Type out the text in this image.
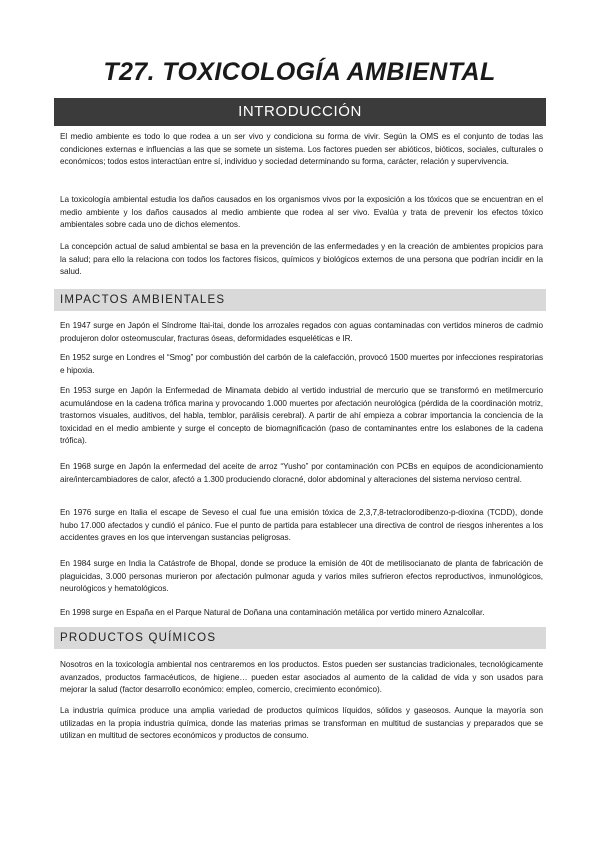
T27. TOXICOLOGÍA AMBIENTAL
INTRODUCCIÓN

El medio ambiente es todo lo que rodea a un ser vivo y condiciona su forma de vivir. Según la OMS es el conjunto de todas las condiciones externas e influencias a las que se somete un sistema. Los factores pueden ser abióticos, bióticos, sociales, culturales o económicos; todos estos interactúan entre sí, individuo y sociedad determinando su forma, carácter, relación y supervivencia.

La toxicología ambiental estudia los daños causados en los organismos vivos por la exposición a los tóxicos que se encuentran en el medio ambiente y los daños causados al medio ambiente que rodea al ser vivo. Evalúa y trata de prevenir los efectos tóxico ambientales sobre cada uno de dichos elementos.

La concepción actual de salud ambiental se basa en la prevención de las enfermedades y en la creación de ambientes propicios para la salud; para ello la relaciona con todos los factores físicos, químicos y biológicos externos de una persona que podrían incidir en la salud.

IMPACTOS AMBIENTALES

En 1947 surge en Japón el Síndrome Itai-itai, donde los arrozales regados con aguas contaminadas con vertidos mineros de cadmio produjeron dolor osteomuscular, fracturas óseas, deformidades esqueléticas e IR.

En 1952 surge en Londres el “Smog” por combustión del carbón de la calefacción, provocó 1500 muertes por infecciones respiratorias e hipoxia.

En 1953 surge en Japón la Enfermedad de Minamata debido al vertido industrial de mercurio que se transformó en metilmercurio acumulándose en la cadena trófica marina y provocando 1.000 muertes por afectación neurológica (pérdida de la coordinación motriz, trastornos visuales, auditivos, del habla, temblor, parálisis cerebral). A partir de ahí empieza a cobrar importancia la conciencia de la toxicidad en el medio ambiente y surge el concepto de biomagnificación (paso de contaminantes entre los eslabones de la cadena trófica).

En 1968 surge en Japón la enfermedad del aceite de arroz “Yusho” por contaminación con PCBs en equipos de acondicionamiento aire/intercambiadores de calor, afectó a 1.300 produciendo cloracné, dolor abdominal y alteraciones del sistema nervioso central.

En 1976 surge en Italia el escape de Seveso el cual fue una emisión tóxica de 2,3,7,8-tetraclorodibenzo-p-dioxina (TCDD), donde hubo 17.000 afectados y cundió el pánico. Fue el punto de partida para establecer una directiva de control de riesgos inherentes a los accidentes graves en los que intervengan sustancias peligrosas.

En 1984 surge en India la Catástrofe de Bhopal, donde se produce la emisión de 40t de metilisocianato de planta de fabricación de plaguicidas, 3.000 personas murieron por afectación pulmonar aguda y varios miles sufrieron efectos reproductivos, inmunológicos, neurológicos y hematológicos.

En 1998 surge en España en el Parque Natural de Doñana una contaminación metálica por vertido minero Aznalcollar.

PRODUCTOS QUÍMICOS

Nosotros en la toxicología ambiental nos centraremos en los productos. Estos pueden ser sustancias tradicionales, tecnológicamente avanzados, productos farmacéuticos, de higiene… pueden estar asociados al aumento de la calidad de vida y son usados para mejorar la salud (factor desarrollo económico: empleo, comercio, crecimiento económico).

La industria química produce una amplia variedad de productos químicos líquidos, sólidos y gaseosos. Aunque la mayoría son utilizadas en la propia industria química, donde las materias primas se transforman en multitud de sustancias y preparados que se utilizan en multitud de sectores económicos y productos de consumo.
